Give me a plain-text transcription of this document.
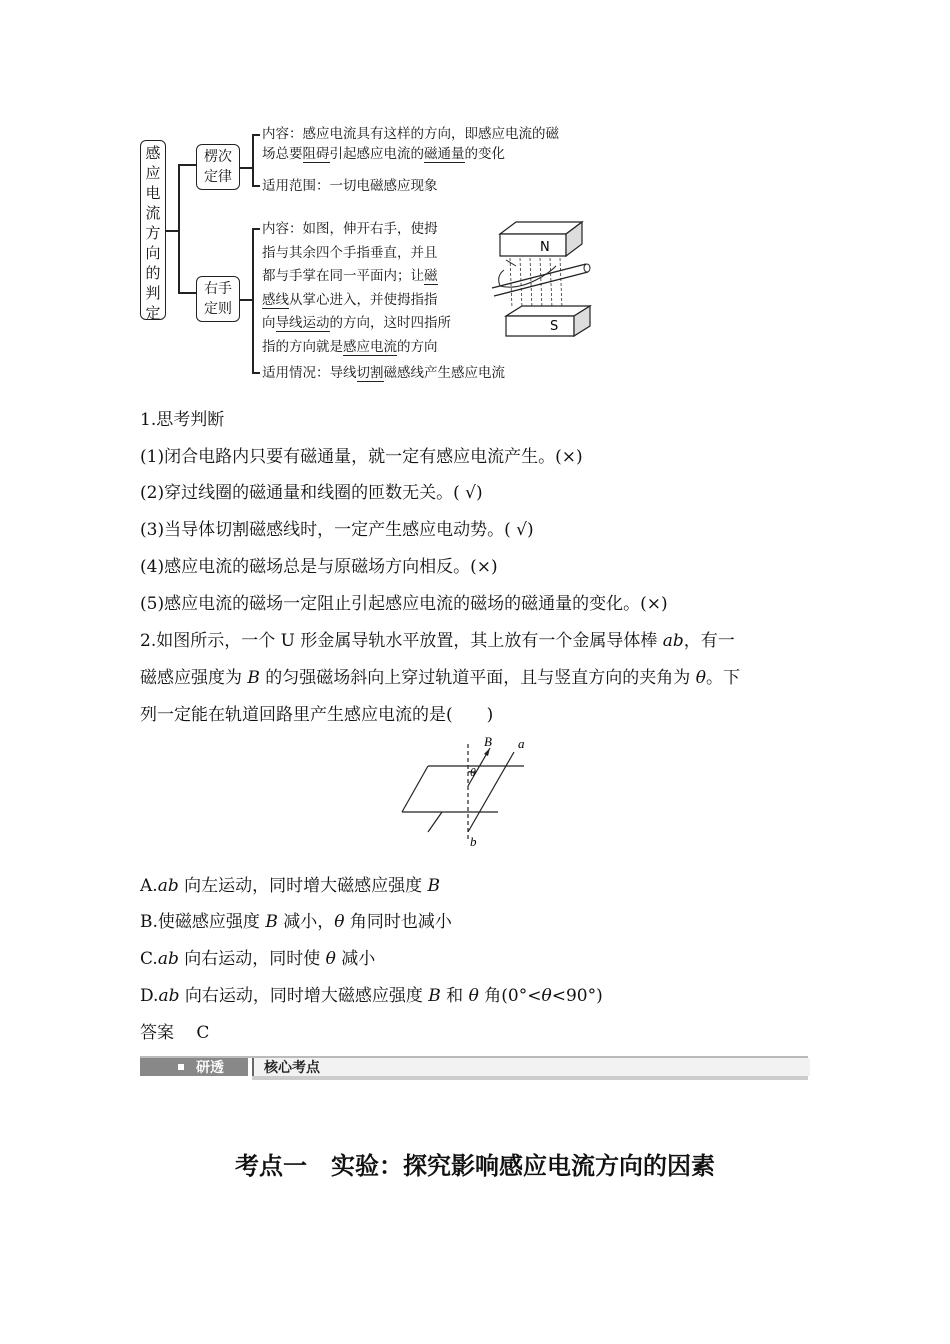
感
应
电
流
方
向
的
判
定
楞次
定律
右手
定则
内容：感应电流具有这样的方向，即感应电流的磁
场总要阻碍引起感应电流的磁通量的变化
适用范围：一切电磁感应现象
内容：如图，伸开右手，使拇
指与其余四个手指垂直，并且
都与手掌在同一平面内；让磁
感线从掌心进入，并使拇指指
向导线运动的方向，这时四指所
指的方向就是感应电流的方向
适用情况：导线切割磁感线产生感应电流
N
S
1.思考判断
(1)闭合电路内只要有磁通量，就一定有感应电流产生。(×)
(2)穿过线圈的磁通量和线圈的匝数无关。( √)
(3)当导体切割磁感线时，一定产生感应电动势。( √)
(4)感应电流的磁场总是与原磁场方向相反。(×)
(5)感应电流的磁场一定阻止引起感应电流的磁场的磁通量的变化。(×)
2.如图所示，一个 U 形金属导轨水平放置，其上放有一个金属导体棒 ab，有一
磁感应强度为 B 的匀强磁场斜向上穿过轨道平面，且与竖直方向的夹角为 θ。下
列一定能在轨道回路里产生感应电流的是(　　)
B a
θ
b
A.ab 向左运动，同时增大磁感应强度 B
B.使磁感应强度 B 减小，θ 角同时也减小
C.ab 向右运动，同时使 θ 减小
D.ab 向右运动，同时增大磁感应强度 B 和 θ 角(0°<θ<90°)
答案　 C
研透	核心考点
考点一　实验：探究影响感应电流方向的因素
